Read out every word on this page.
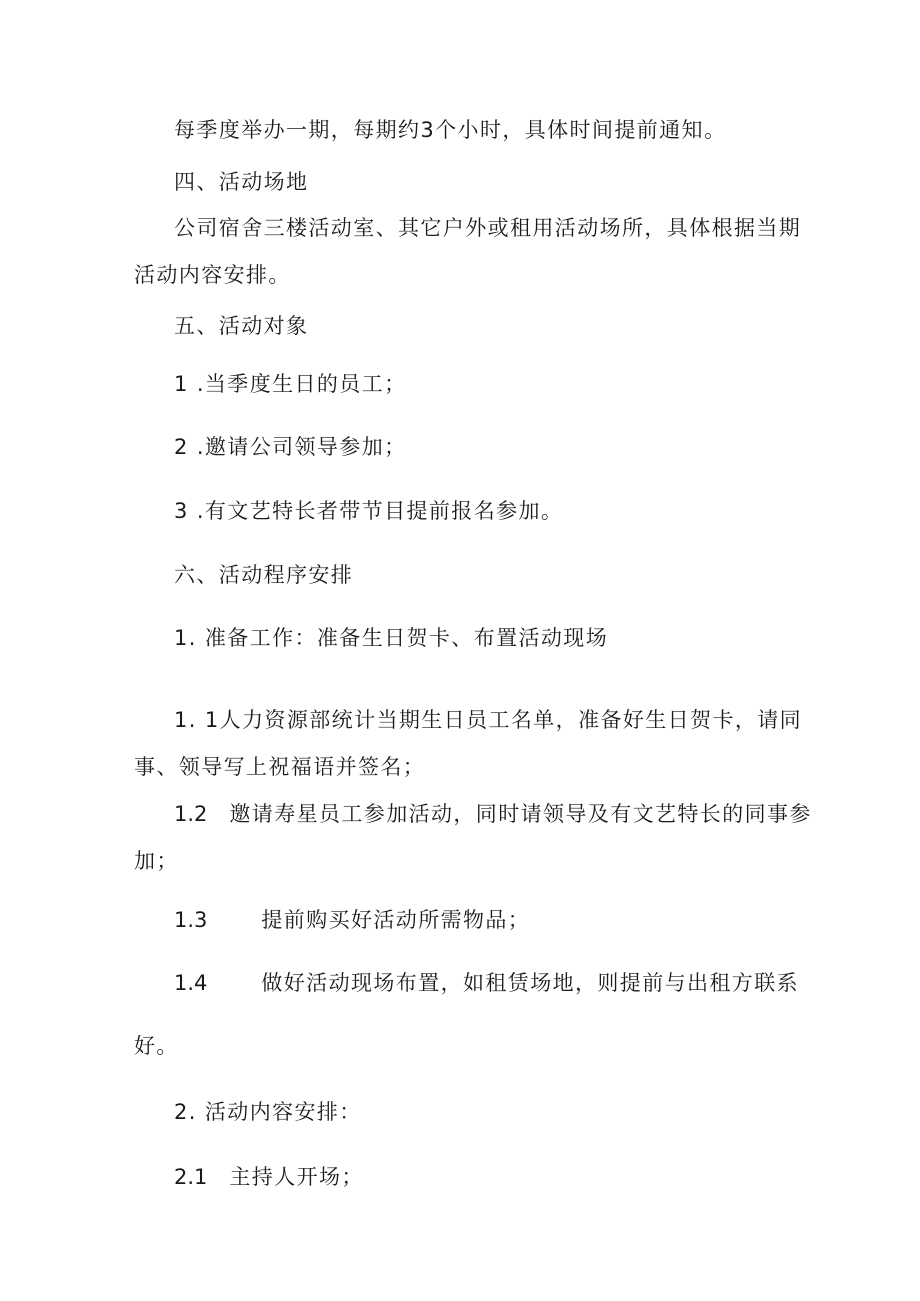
每季度举办一期，每期约3个小时，具体时间提前通知。

四、活动场地

公司宿舍三楼活动室、其它户外或租用活动场所，具体根据当期

活动内容安排。

五、活动对象

1 .当季度生日的员工；

2 .邀请公司领导参加；

3 .有文艺特长者带节目提前报名参加。

六、活动程序安排

1. 准备工作：准备生日贺卡、布置活动现场

1. 1人力资源部统计当期生日员工名单，准备好生日贺卡，请同

事、领导写上祝福语并签名；

1.2 邀请寿星员工参加活动，同时请领导及有文艺特长的同事参

加；

1.3	提前购买好活动所需物品；

1.4	做好活动现场布置，如租赁场地，则提前与出租方联系

好。

2. 活动内容安排：

2.1 主持人开场；
